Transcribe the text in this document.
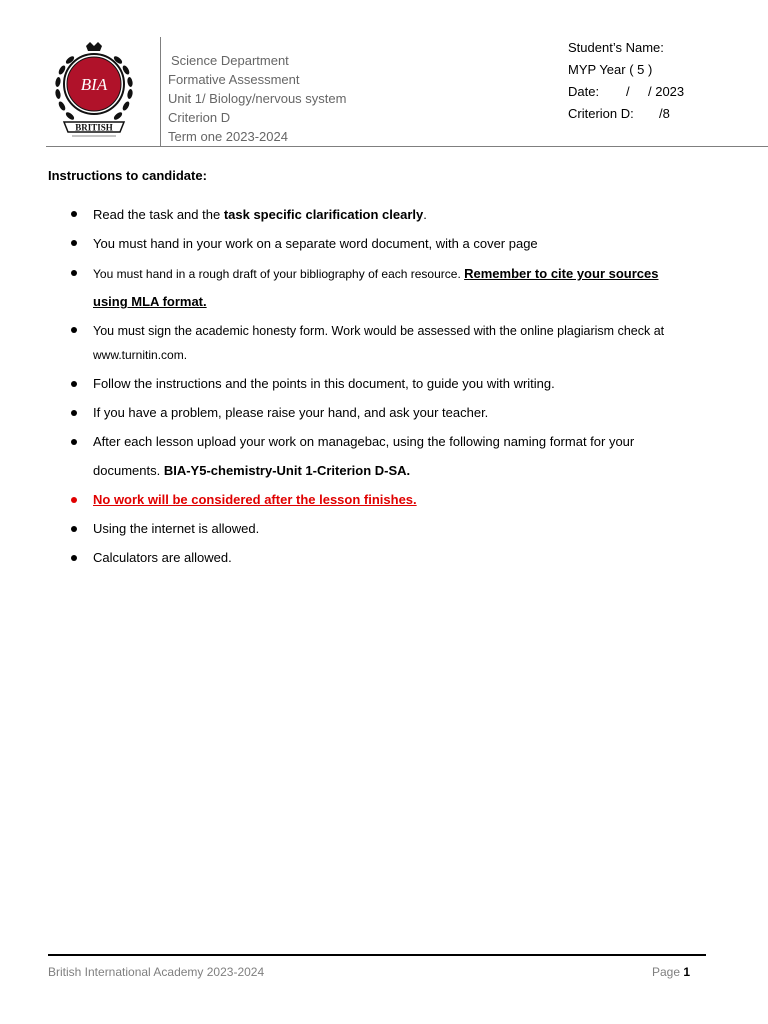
BIA
BRITISH
Science Department
Formative Assessment
Unit 1/ Biology/nervous system
Criterion D
Term one 2023-2024
Student’s Name:
MYP Year ( 5 )
Date:	/	/ 2023
Criterion D:	/8
Instructions to candidate:
Read the task and the task specific clarification clearly.
You must hand in your work on a separate word document, with a cover page
You must hand in a rough draft of your bibliography of each resource. Remember to cite your sources
using MLA format.
You must sign the academic honesty form. Work would be assessed with the online plagiarism check at
www.turnitin.com.
Follow the instructions and the points in this document, to guide you with writing.
If you have a problem, please raise your hand, and ask your teacher.
After each lesson upload your work on managebac, using the following naming format for your
documents. BIA-Y5-chemistry-Unit 1-Criterion D-SA.
No work will be considered after the lesson finishes.
Using the internet is allowed.
Calculators are allowed.
British International Academy 2023-2024	Page 1
